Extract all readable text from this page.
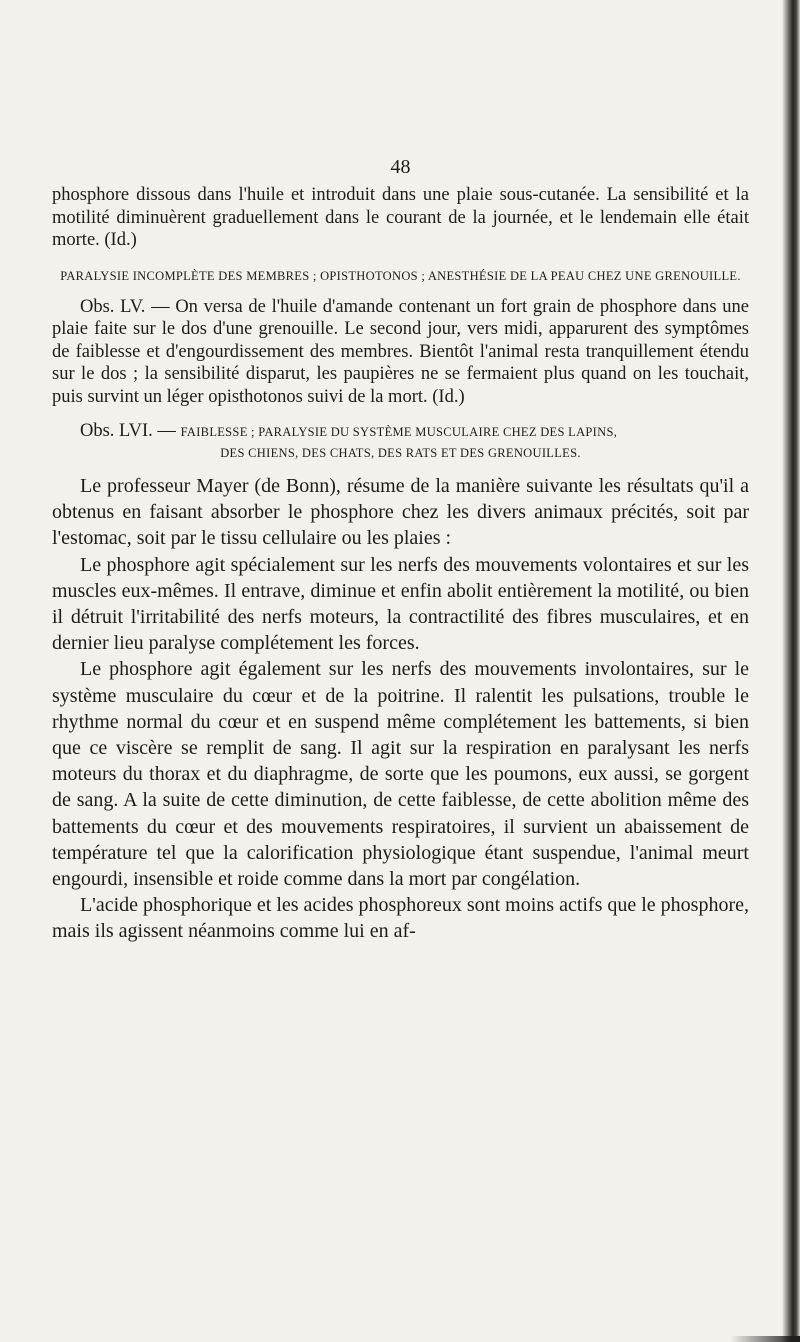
48

phosphore dissous dans l'huile et introduit dans une plaie sous-cutanée. La sensibilité et la motilité diminuèrent graduellement dans le courant de la journée, et le lendemain elle était morte. (Id.)

PARALYSIE INCOMPLÈTE DES MEMBRES ; OPISTHOTONOS ; ANESTHÉSIE DE LA PEAU CHEZ UNE GRENOUILLE.

Obs. LV. — On versa de l'huile d'amande contenant un fort grain de phosphore dans une plaie faite sur le dos d'une grenouille. Le second jour, vers midi, apparurent des symptômes de faiblesse et d'engourdissement des membres. Bientôt l'animal resta tranquillement étendu sur le dos ; la sensibilité disparut, les paupières ne se fermaient plus quand on les touchait, puis survint un léger opisthotonos suivi de la mort. (Id.)

Obs. LVI. — FAIBLESSE ; PARALYSIE DU SYSTÈME MUSCULAIRE CHEZ DES LAPINS,

DES CHIENS, DES CHATS, DES RATS ET DES GRENOUILLES.

Le professeur Mayer (de Bonn), résume de la manière suivante les résultats qu'il a obtenus en faisant absorber le phosphore chez les divers animaux précités, soit par l'estomac, soit par le tissu cellulaire ou les plaies :

Le phosphore agit spécialement sur les nerfs des mouvements volontaires et sur les muscles eux-mêmes. Il entrave, diminue et enfin abolit entièrement la motilité, ou bien il détruit l'irritabilité des nerfs moteurs, la contractilité des fibres musculaires, et en dernier lieu paralyse complétement les forces.

Le phosphore agit également sur les nerfs des mouvements involontaires, sur le système musculaire du cœur et de la poitrine. Il ralentit les pulsations, trouble le rhythme normal du cœur et en suspend même complétement les battements, si bien que ce viscère se remplit de sang. Il agit sur la respiration en paralysant les nerfs moteurs du thorax et du diaphragme, de sorte que les poumons, eux aussi, se gorgent de sang. A la suite de cette diminution, de cette faiblesse, de cette abolition même des battements du cœur et des mouvements respiratoires, il survient un abaissement de température tel que la calorification physiologique étant suspendue, l'animal meurt engourdi, insensible et roide comme dans la mort par congélation.

L'acide phosphorique et les acides phosphoreux sont moins actifs que le phosphore, mais ils agissent néanmoins comme lui en af-
